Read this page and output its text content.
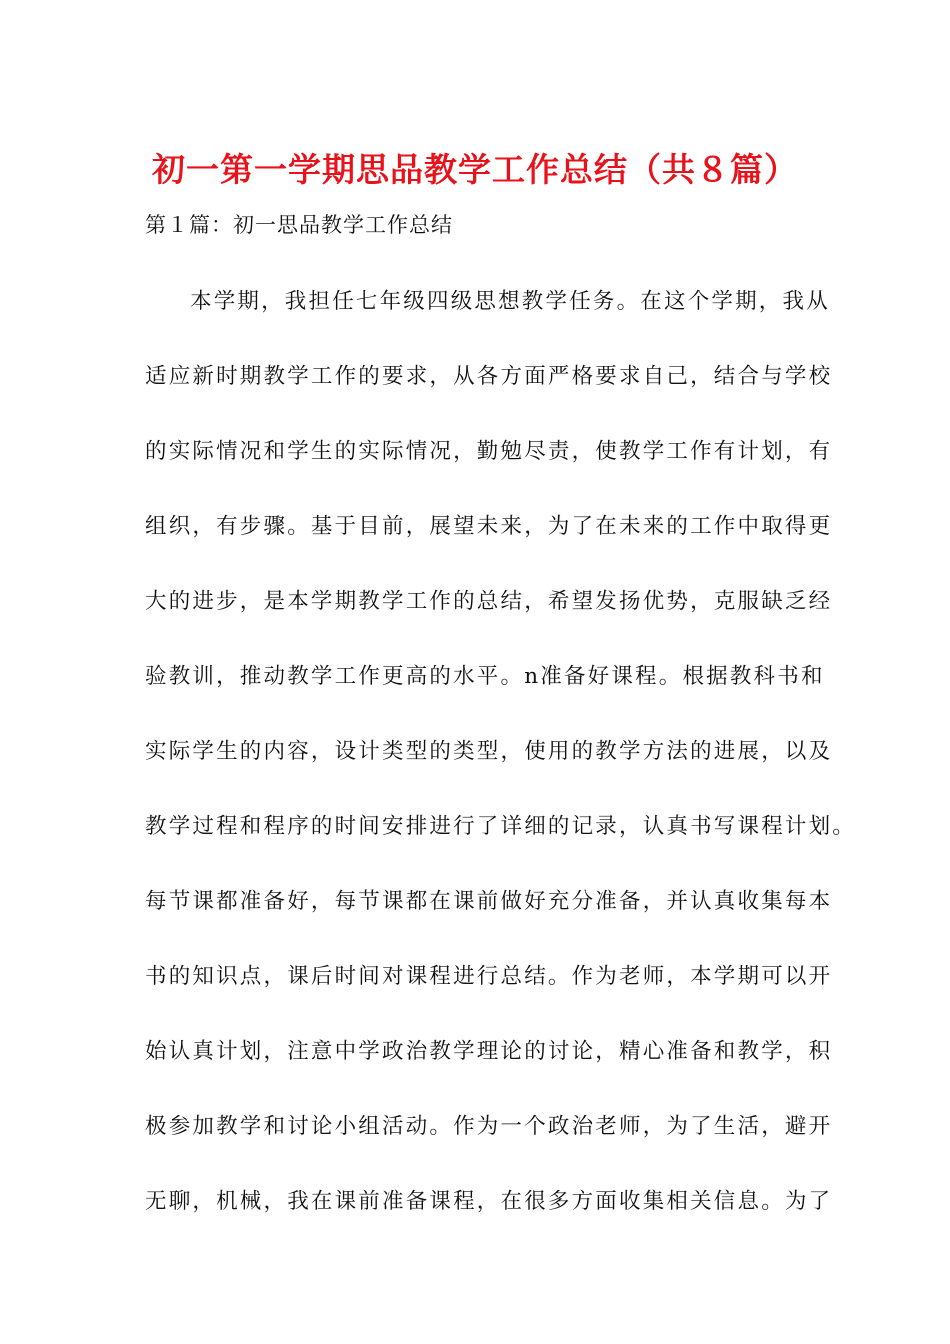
初一第一学期思品教学工作总结（共８篇）

第１篇：初一思品教学工作总结

本学期，我担任七年级四级思想教学任务。在这个学期，我从
适应新时期教学工作的要求，从各方面严格要求自己，结合与学校
的实际情况和学生的实际情况，勤勉尽责，使教学工作有计划，有
组织，有步骤。基于目前，展望未来，为了在未来的工作中取得更
大的进步，是本学期教学工作的总结，希望发扬优势，克服缺乏经
验教训，推动教学工作更高的水平。n准备好课程。根据教科书和
实际学生的内容，设计类型的类型，使用的教学方法的进展，以及
教学过程和程序的时间安排进行了详细的记录，认真书写课程计划。
每节课都准备好，每节课都在课前做好充分准备，并认真收集每本
书的知识点，课后时间对课程进行总结。作为老师，本学期可以开
始认真计划，注意中学政治教学理论的讨论，精心准备和教学，积
极参加教学和讨论小组活动。作为一个政治老师，为了生活，避开
无聊，机械，我在课前准备课程，在很多方面收集相关信息。为了
